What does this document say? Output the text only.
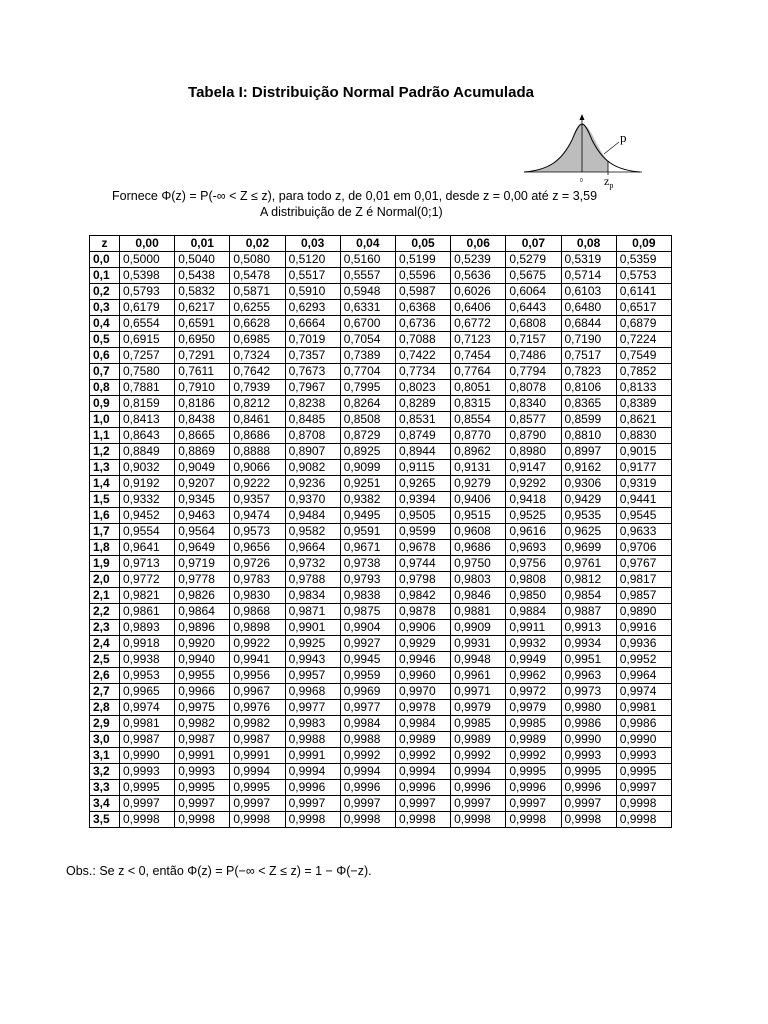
Tabela I: Distribuição Normal Padrão Acumulada
p
0 $z_p$
Fornece Φ(z) = P(-∞ < Z ≤ z), para todo z, de 0,01 em 0,01, desde z = 0,00 até z = 3,59
A distribuição de Z é Normal(0;1)
z	0,00	0,01	0,02	0,03	0,04	0,05	0,06	0,07	0,08	0,09
0,0	0,5000	0,5040	0,5080	0,5120	0,5160	0,5199	0,5239	0,5279	0,5319	0,5359
0,1	0,5398	0,5438	0,5478	0,5517	0,5557	0,5596	0,5636	0,5675	0,5714	0,5753
0,2	0,5793	0,5832	0,5871	0,5910	0,5948	0,5987	0,6026	0,6064	0,6103	0,6141
0,3	0,6179	0,6217	0,6255	0,6293	0,6331	0,6368	0,6406	0,6443	0,6480	0,6517
0,4	0,6554	0,6591	0,6628	0,6664	0,6700	0,6736	0,6772	0,6808	0,6844	0,6879
0,5	0,6915	0,6950	0,6985	0,7019	0,7054	0,7088	0,7123	0,7157	0,7190	0,7224
0,6	0,7257	0,7291	0,7324	0,7357	0,7389	0,7422	0,7454	0,7486	0,7517	0,7549
0,7	0,7580	0,7611	0,7642	0,7673	0,7704	0,7734	0,7764	0,7794	0,7823	0,7852
0,8	0,7881	0,7910	0,7939	0,7967	0,7995	0,8023	0,8051	0,8078	0,8106	0,8133
0,9	0,8159	0,8186	0,8212	0,8238	0,8264	0,8289	0,8315	0,8340	0,8365	0,8389
1,0	0,8413	0,8438	0,8461	0,8485	0,8508	0,8531	0,8554	0,8577	0,8599	0,8621
1,1	0,8643	0,8665	0,8686	0,8708	0,8729	0,8749	0,8770	0,8790	0,8810	0,8830
1,2	0,8849	0,8869	0,8888	0,8907	0,8925	0,8944	0,8962	0,8980	0,8997	0,9015
1,3	0,9032	0,9049	0,9066	0,9082	0,9099	0,9115	0,9131	0,9147	0,9162	0,9177
1,4	0,9192	0,9207	0,9222	0,9236	0,9251	0,9265	0,9279	0,9292	0,9306	0,9319
1,5	0,9332	0,9345	0,9357	0,9370	0,9382	0,9394	0,9406	0,9418	0,9429	0,9441
1,6	0,9452	0,9463	0,9474	0,9484	0,9495	0,9505	0,9515	0,9525	0,9535	0,9545
1,7	0,9554	0,9564	0,9573	0,9582	0,9591	0,9599	0,9608	0,9616	0,9625	0,9633
1,8	0,9641	0,9649	0,9656	0,9664	0,9671	0,9678	0,9686	0,9693	0,9699	0,9706
1,9	0,9713	0,9719	0,9726	0,9732	0,9738	0,9744	0,9750	0,9756	0,9761	0,9767
2,0	0,9772	0,9778	0,9783	0,9788	0,9793	0,9798	0,9803	0,9808	0,9812	0,9817
2,1	0,9821	0,9826	0,9830	0,9834	0,9838	0,9842	0,9846	0,9850	0,9854	0,9857
2,2	0,9861	0,9864	0,9868	0,9871	0,9875	0,9878	0,9881	0,9884	0,9887	0,9890
2,3	0,9893	0,9896	0,9898	0,9901	0,9904	0,9906	0,9909	0,9911	0,9913	0,9916
2,4	0,9918	0,9920	0,9922	0,9925	0,9927	0,9929	0,9931	0,9932	0,9934	0,9936
2,5	0,9938	0,9940	0,9941	0,9943	0,9945	0,9946	0,9948	0,9949	0,9951	0,9952
2,6	0,9953	0,9955	0,9956	0,9957	0,9959	0,9960	0,9961	0,9962	0,9963	0,9964
2,7	0,9965	0,9966	0,9967	0,9968	0,9969	0,9970	0,9971	0,9972	0,9973	0,9974
2,8	0,9974	0,9975	0,9976	0,9977	0,9977	0,9978	0,9979	0,9979	0,9980	0,9981
2,9	0,9981	0,9982	0,9982	0,9983	0,9984	0,9984	0,9985	0,9985	0,9986	0,9986
3,0	0,9987	0,9987	0,9987	0,9988	0,9988	0,9989	0,9989	0,9989	0,9990	0,9990
3,1	0,9990	0,9991	0,9991	0,9991	0,9992	0,9992	0,9992	0,9992	0,9993	0,9993
3,2	0,9993	0,9993	0,9994	0,9994	0,9994	0,9994	0,9994	0,9995	0,9995	0,9995
3,3	0,9995	0,9995	0,9995	0,9996	0,9996	0,9996	0,9996	0,9996	0,9996	0,9997
3,4	0,9997	0,9997	0,9997	0,9997	0,9997	0,9997	0,9997	0,9997	0,9997	0,9998
3,5	0,9998	0,9998	0,9998	0,9998	0,9998	0,9998	0,9998	0,9998	0,9998	0,9998
Obs.: Se z < 0, então Φ(z) = P(−∞ < Z ≤ z) = 1 − Φ(−z).
